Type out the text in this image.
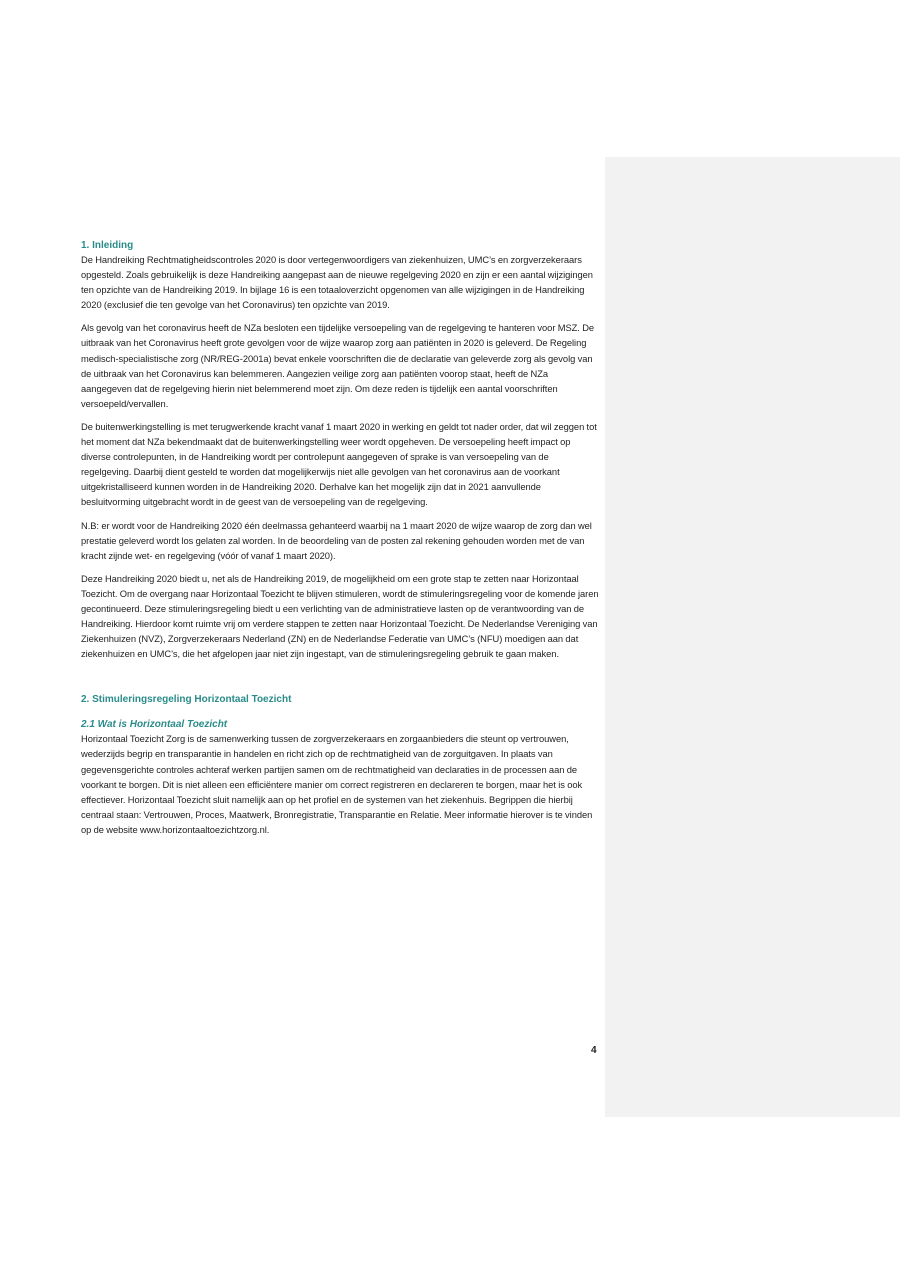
1. Inleiding

De Handreiking Rechtmatigheidscontroles 2020 is door vertegenwoordigers van ziekenhuizen, UMC’s en zorgverzekeraars opgesteld. Zoals gebruikelijk is deze Handreiking aangepast aan de nieuwe regelgeving 2020 en zijn er een aantal wijzigingen ten opzichte van de Handreiking 2019. In bijlage 16 is een totaaloverzicht opgenomen van alle wijzigingen in de Handreiking 2020 (exclusief die ten gevolge van het Coronavirus) ten opzichte van 2019.

Als gevolg van het coronavirus heeft de NZa besloten een tijdelijke versoepeling van de regelgeving te hanteren voor MSZ. De uitbraak van het Coronavirus heeft grote gevolgen voor de wijze waarop zorg aan patiënten in 2020 is geleverd. De Regeling medisch-specialistische zorg (NR/REG-2001a) bevat enkele voorschriften die de declaratie van geleverde zorg als gevolg van de uitbraak van het Coronavirus kan belemmeren. Aangezien veilige zorg aan patiënten voorop staat, heeft de NZa aangegeven dat de regelgeving hierin niet belemmerend moet zijn. Om deze reden is tijdelijk een aantal voorschriften versoepeld/vervallen.

De buitenwerkingstelling is met terugwerkende kracht vanaf 1 maart 2020 in werking en geldt tot nader order, dat wil zeggen tot het moment dat NZa bekendmaakt dat de buitenwerkingstelling weer wordt opgeheven. De versoepeling heeft impact op diverse controlepunten, in de Handreiking wordt per controlepunt aangegeven of sprake is van versoepeling van de regelgeving. Daarbij dient gesteld te worden dat mogelijkerwijs niet alle gevolgen van het coronavirus aan de voorkant uitgekristalliseerd kunnen worden in de Handreiking 2020. Derhalve kan het mogelijk zijn dat in 2021 aanvullende besluitvorming uitgebracht wordt in de geest van de versoepeling van de regelgeving.

N.B: er wordt voor de Handreiking 2020 één deelmassa gehanteerd waarbij na 1 maart 2020 de wijze waarop de zorg dan wel prestatie geleverd wordt los gelaten zal worden. In de beoordeling van de posten zal rekening gehouden worden met de van kracht zijnde wet- en regelgeving (vóór of vanaf 1 maart 2020).

Deze Handreiking 2020 biedt u, net als de Handreiking 2019, de mogelijkheid om een grote stap te zetten naar Horizontaal Toezicht. Om de overgang naar Horizontaal Toezicht te blijven stimuleren, wordt de stimuleringsregeling voor de komende jaren gecontinueerd. Deze stimuleringsregeling biedt u een verlichting van de administratieve lasten op de verantwoording van de Handreiking. Hierdoor komt ruimte vrij om verdere stappen te zetten naar Horizontaal Toezicht. De Nederlandse Vereniging van Ziekenhuizen (NVZ), Zorgverzekeraars Nederland (ZN) en de Nederlandse Federatie van UMC’s (NFU) moedigen aan dat ziekenhuizen en UMC’s, die het afgelopen jaar niet zijn ingestapt, van de stimuleringsregeling gebruik te gaan maken.

2. Stimuleringsregeling Horizontaal Toezicht
2.1 Wat is Horizontaal Toezicht

Horizontaal Toezicht Zorg is de samenwerking tussen de zorgverzekeraars en zorgaanbieders die steunt op vertrouwen, wederzijds begrip en transparantie in handelen en richt zich op de rechtmatigheid van de zorguitgaven. In plaats van gegevensgerichte controles achteraf werken partijen samen om de rechtmatigheid van declaraties in de processen aan de voorkant te borgen. Dit is niet alleen een efficiëntere manier om correct registreren en declareren te borgen, maar het is ook effectiever. Horizontaal Toezicht sluit namelijk aan op het profiel en de systemen van het ziekenhuis. Begrippen die hierbij centraal staan: Vertrouwen, Proces, Maatwerk, Bronregistratie, Transparantie en Relatie. Meer informatie hierover is te vinden op de website www.horizontaaltoezichtzorg.nl.

4
